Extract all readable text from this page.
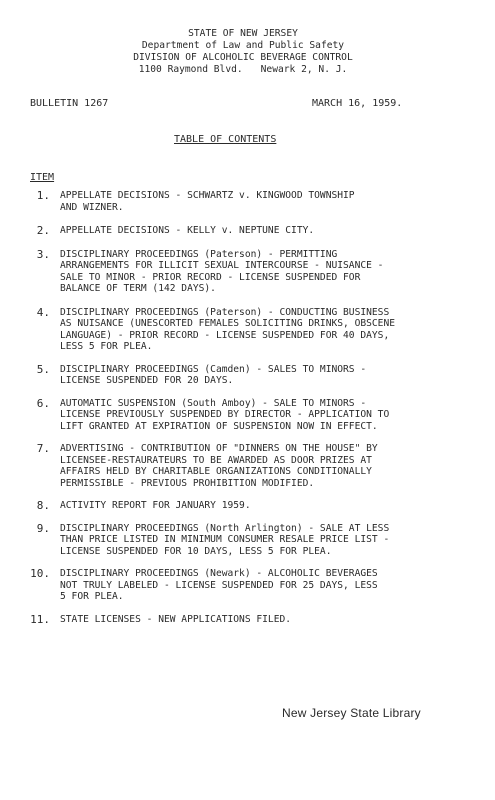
STATE OF NEW JERSEY
Department of Law and Public Safety
DIVISION OF ALCOHOLIC BEVERAGE CONTROL
1100 Raymond Blvd. Newark 2, N. J.
BULLETIN 1267	MARCH 16, 1959.
TABLE OF CONTENTS
ITEM
1.	APPELLATE DECISIONS - SCHWARTZ v. KINGWOOD TOWNSHIP
AND WIZNER.
2.	APPELLATE DECISIONS - KELLY v. NEPTUNE CITY.
3.	DISCIPLINARY PROCEEDINGS (Paterson) - PERMITTING
ARRANGEMENTS FOR ILLICIT SEXUAL INTERCOURSE - NUISANCE -
SALE TO MINOR - PRIOR RECORD - LICENSE SUSPENDED FOR
BALANCE OF TERM (142 DAYS).
4.	DISCIPLINARY PROCEEDINGS (Paterson) - CONDUCTING BUSINESS
AS NUISANCE (UNESCORTED FEMALES SOLICITING DRINKS, OBSCENE
LANGUAGE) - PRIOR RECORD - LICENSE SUSPENDED FOR 40 DAYS,
LESS 5 FOR PLEA.
5.	DISCIPLINARY PROCEEDINGS (Camden) - SALES TO MINORS -
LICENSE SUSPENDED FOR 20 DAYS.
6.	AUTOMATIC SUSPENSION (South Amboy) - SALE TO MINORS -
LICENSE PREVIOUSLY SUSPENDED BY DIRECTOR - APPLICATION TO
LIFT GRANTED AT EXPIRATION OF SUSPENSION NOW IN EFFECT.
7.	ADVERTISING - CONTRIBUTION OF "DINNERS ON THE HOUSE" BY
LICENSEE-RESTAURATEURS TO BE AWARDED AS DOOR PRIZES AT
AFFAIRS HELD BY CHARITABLE ORGANIZATIONS CONDITIONALLY
PERMISSIBLE - PREVIOUS PROHIBITION MODIFIED.
8.	ACTIVITY REPORT FOR JANUARY 1959.
9.	DISCIPLINARY PROCEEDINGS (North Arlington) - SALE AT LESS
THAN PRICE LISTED IN MINIMUM CONSUMER RESALE PRICE LIST -
LICENSE SUSPENDED FOR 10 DAYS, LESS 5 FOR PLEA.
10.	DISCIPLINARY PROCEEDINGS (Newark) - ALCOHOLIC BEVERAGES
NOT TRULY LABELED - LICENSE SUSPENDED FOR 25 DAYS, LESS
5 FOR PLEA.
11.	STATE LICENSES - NEW APPLICATIONS FILED.
New Jersey State Library
